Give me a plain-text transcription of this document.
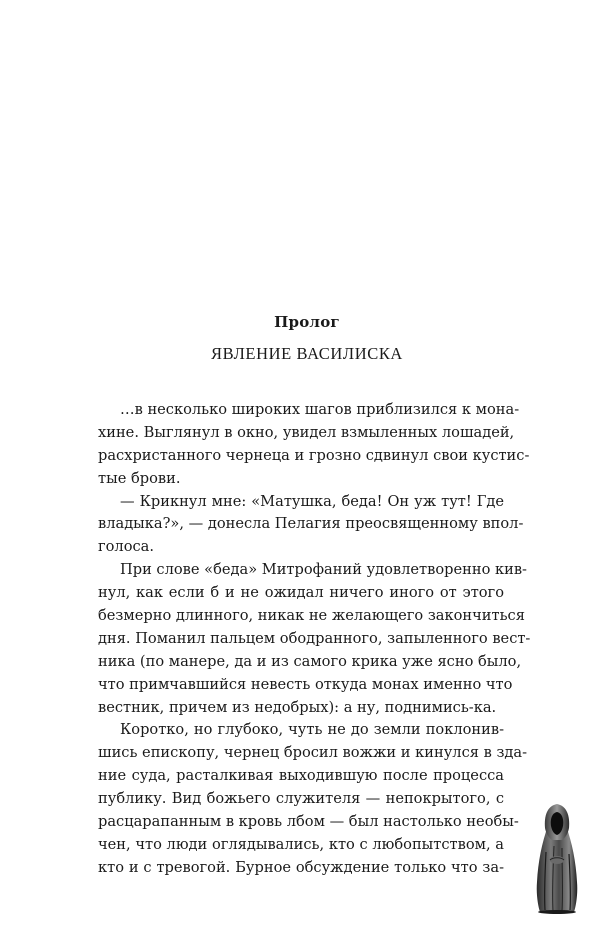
Пролог
ЯВЛЕНИЕ ВАСИЛИСКА
…в несколько широких шагов приблизился к мона-
хине. Выглянул в окно, увидел взмыленных лошадей,
расхристанного чернеца и грозно сдвинул свои кустис-
тые брови.
— Крикнул мне: «Матушка, беда! Он уж тут! Где
владыка?», — донесла Пелагия преосвященному впол-
голоса.
При слове «беда» Митрофаний удовлетворенно кив-
нул, как если б и не ожидал ничего иного от этого
безмерно длинного, никак не желающего закончиться
дня. Поманил пальцем ободранного, запыленного вест-
ника (по манере, да и из самого крика уже ясно было,
что примчавшийся невесть откуда монах именно что
вестник, причем из недобрых): а ну, поднимись-ка.
Коротко, но глубоко, чуть не до земли поклонив-
шись епископу, чернец бросил вожжи и кинулся в зда-
ние суда, расталкивая выходившую после процесса
публику. Вид божьего служителя — непокрытого, с
расцарапанным в кровь лбом — был настолько необы-
чен, что люди оглядывались, кто с любопытством, а
кто и с тревогой. Бурное обсуждение только что за-
